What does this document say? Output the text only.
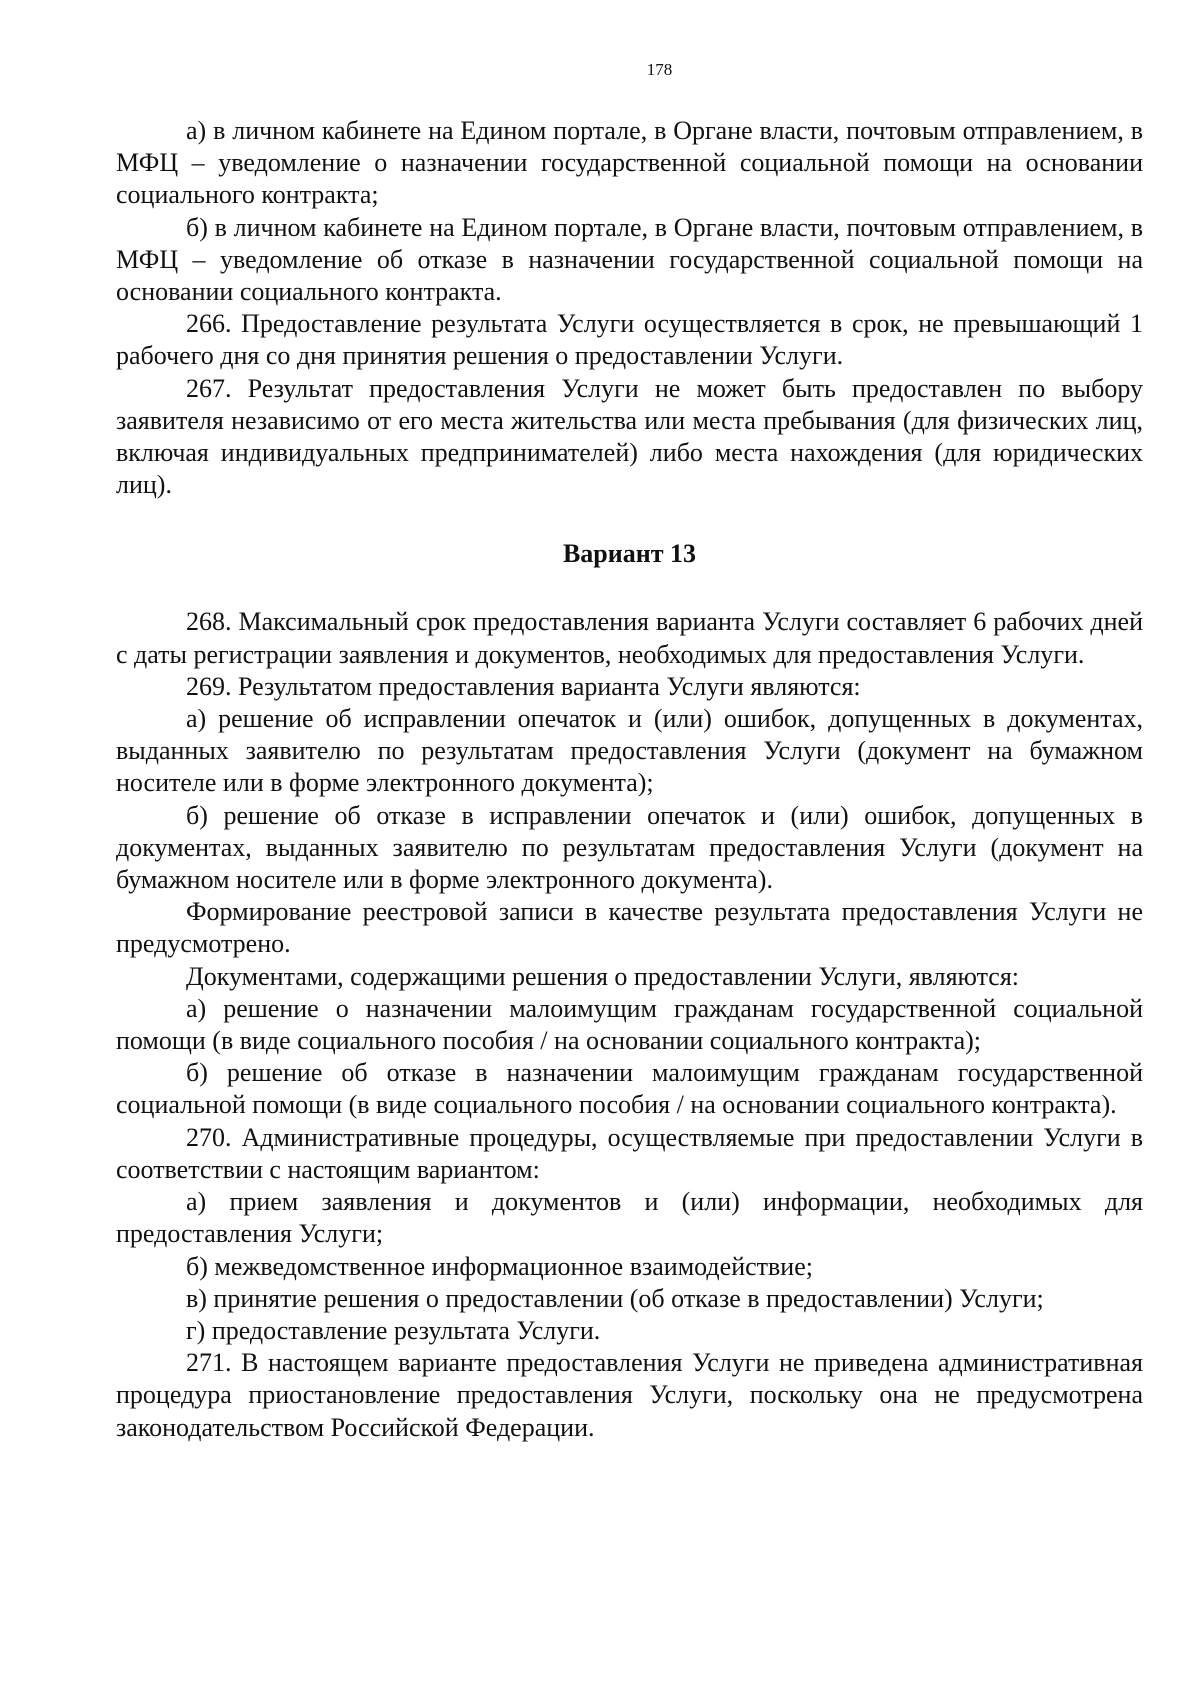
178

а) в личном кабинете на Едином портале, в Органе власти, почтовым отправлением, в МФЦ – уведомление о назначении государственной социальной помощи на основании социального контракта;

б) в личном кабинете на Едином портале, в Органе власти, почтовым отправлением, в МФЦ – уведомление об отказе в назначении государственной социальной помощи на основании социального контракта.

266. Предоставление результата Услуги осуществляется в срок, не превышающий 1 рабочего дня со дня принятия решения о предоставлении Услуги.

267. Результат предоставления Услуги не может быть предоставлен по выбору заявителя независимо от его места жительства или места пребывания (для физических лиц, включая индивидуальных предпринимателей) либо места нахождения (для юридических лиц).

Вариант 13

268. Максимальный срок предоставления варианта Услуги составляет 6 рабочих дней с даты регистрации заявления и документов, необходимых для предоставления Услуги.

269. Результатом предоставления варианта Услуги являются:

а) решение об исправлении опечаток и (или) ошибок, допущенных в документах, выданных заявителю по результатам предоставления Услуги (документ на бумажном носителе или в форме электронного документа);

б) решение об отказе в исправлении опечаток и (или) ошибок, допущенных в документах, выданных заявителю по результатам предоставления Услуги (документ на бумажном носителе или в форме электронного документа).

Формирование реестровой записи в качестве результата предоставления Услуги не предусмотрено.

Документами, содержащими решения о предоставлении Услуги, являются:

а) решение о назначении малоимущим гражданам государственной социальной помощи (в виде социального пособия / на основании социального контракта);

б) решение об отказе в назначении малоимущим гражданам государственной социальной помощи (в виде социального пособия / на основании социального контракта).

270. Административные процедуры, осуществляемые при предоставлении Услуги в соответствии с настоящим вариантом:

а) прием заявления и документов и (или) информации, необходимых для предоставления Услуги;

б) межведомственное информационное взаимодействие;

в) принятие решения о предоставлении (об отказе в предоставлении) Услуги;

г) предоставление результата Услуги.

271. В настоящем варианте предоставления Услуги не приведена административная процедура приостановление предоставления Услуги, поскольку она не предусмотрена законодательством Российской Федерации.
